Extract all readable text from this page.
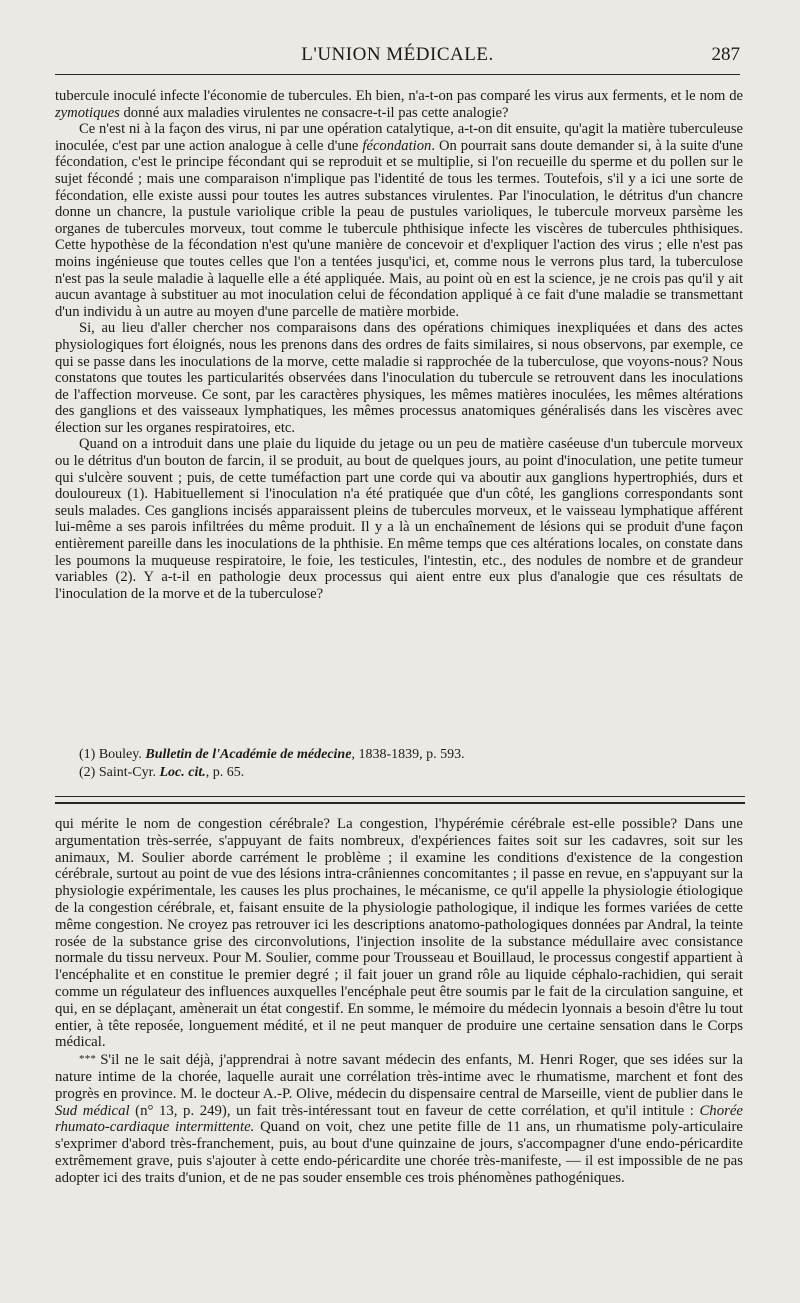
L'UNION MÉDICALE.	287

tubercule inoculé infecte l'économie de tubercules. Eh bien, n'a-t-on pas comparé les virus aux ferments, et le nom de zymotiques donné aux maladies virulentes ne consacre-t-il pas cette analogie?

Ce n'est ni à la façon des virus, ni par une opération catalytique, a-t-on dit ensuite, qu'agit la matière tuberculeuse inoculée, c'est par une action analogue à celle d'une fécondation. On pourrait sans doute demander si, à la suite d'une fécondation, c'est le principe fécondant qui se reproduit et se multiplie, si l'on recueille du sperme et du pollen sur le sujet fécondé ; mais une comparaison n'implique pas l'identité de tous les termes. Toutefois, s'il y a ici une sorte de fécondation, elle existe aussi pour toutes les autres substances virulentes. Par l'inoculation, le détritus d'un chancre donne un chancre, la pustule variolique crible la peau de pustules varioliques, le tubercule morveux parsème les organes de tubercules morveux, tout comme le tubercule phthisique infecte les viscères de tubercules phthisiques. Cette hypothèse de la fécondation n'est qu'une manière de concevoir et d'expliquer l'action des virus ; elle n'est pas moins ingénieuse que toutes celles que l'on a tentées jusqu'ici, et, comme nous le verrons plus tard, la tuberculose n'est pas la seule maladie à laquelle elle a été appliquée. Mais, au point où en est la science, je ne crois pas qu'il y ait aucun avantage à substituer au mot inoculation celui de fécondation appliqué à ce fait d'une maladie se transmettant d'un individu à un autre au moyen d'une parcelle de matière morbide.

Si, au lieu d'aller chercher nos comparaisons dans des opérations chimiques inexpliquées et dans des actes physiologiques fort éloignés, nous les prenons dans des ordres de faits similaires, si nous observons, par exemple, ce qui se passe dans les inoculations de la morve, cette maladie si rapprochée de la tuberculose, que voyons-nous? Nous constatons que toutes les particularités observées dans l'inoculation du tubercule se retrouvent dans les inoculations de l'affection morveuse. Ce sont, par les caractères physiques, les mêmes matières inoculées, les mêmes altérations des ganglions et des vaisseaux lymphatiques, les mêmes processus anatomiques généralisés dans les viscères avec élection sur les organes respiratoires, etc.

Quand on a introduit dans une plaie du liquide du jetage ou un peu de matière caséeuse d'un tubercule morveux ou le détritus d'un bouton de farcin, il se produit, au bout de quelques jours, au point d'inoculation, une petite tumeur qui s'ulcère souvent ; puis, de cette tuméfaction part une corde qui va aboutir aux ganglions hypertrophiés, durs et douloureux (1). Habituellement si l'inoculation n'a été pratiquée que d'un côté, les ganglions correspondants sont seuls malades. Ces ganglions incisés apparaissent pleins de tubercules morveux, et le vaisseau lymphatique afférent lui-même a ses parois infiltrées du même produit. Il y a là un enchaînement de lésions qui se produit d'une façon entièrement pareille dans les inoculations de la phthisie. En même temps que ces altérations locales, on constate dans les poumons la muqueuse respiratoire, le foie, les testicules, l'intestin, etc., des nodules de nombre et de grandeur variables (2). Y a-t-il en pathologie deux processus qui aient entre eux plus d'analogie que ces résultats de l'inoculation de la morve et de la tuberculose?

(1) Bouley. Bulletin de l'Académie de médecine, 1838-1839, p. 593.
(2) Saint-Cyr. Loc. cit., p. 65.

qui mérite le nom de congestion cérébrale? La congestion, l'hypérémie cérébrale est-elle possible? Dans une argumentation très-serrée, s'appuyant de faits nombreux, d'expériences faites soit sur les cadavres, soit sur les animaux, M. Soulier aborde carrément le problème ; il examine les conditions d'existence de la congestion cérébrale, surtout au point de vue des lésions intra-crâniennes concomitantes ; il passe en revue, en s'appuyant sur la physiologie expérimentale, les causes les plus prochaines, le mécanisme, ce qu'il appelle la physiologie étiologique de la congestion cérébrale, et, faisant ensuite de la physiologie pathologique, il indique les formes variées de cette même congestion. Ne croyez pas retrouver ici les descriptions anatomo-pathologiques données par Andral, la teinte rosée de la substance grise des circonvolutions, l'injection insolite de la substance médullaire avec consistance normale du tissu nerveux. Pour M. Soulier, comme pour Trousseau et Bouillaud, le processus congestif appartient à l'encéphalite et en constitue le premier degré ; il fait jouer un grand rôle au liquide céphalo-rachidien, qui serait comme un régulateur des influences auxquelles l'encéphale peut être soumis par le fait de la circulation sanguine, et qui, en se déplaçant, amènerait un état congestif. En somme, le mémoire du médecin lyonnais a besoin d'être lu tout entier, à tête reposée, longuement médité, et il ne peut manquer de produire une certaine sensation dans le Corps médical.

* * * S'il ne le sait déjà, j'apprendrai à notre savant médecin des enfants, M. Henri Roger, que ses idées sur la nature intime de la chorée, laquelle aurait une corrélation très-intime avec le rhumatisme, marchent et font des progrès en province. M. le docteur A.-P. Olive, médecin du dispensaire central de Marseille, vient de publier dans le Sud médical (n° 13, p. 249), un fait très-intéressant tout en faveur de cette corrélation, et qu'il intitule : Chorée rhumato-cardiaque intermittente. Quand on voit, chez une petite fille de 11 ans, un rhumatisme poly-articulaire s'exprimer d'abord très-franchement, puis, au bout d'une quinzaine de jours, s'accompagner d'une endo-péricardite extrêmement grave, puis s'ajouter à cette endo-péricardite une chorée très-manifeste, — il est impossible de ne pas adopter ici des traits d'union, et de ne pas souder ensemble ces trois phénomènes pathogéniques.
